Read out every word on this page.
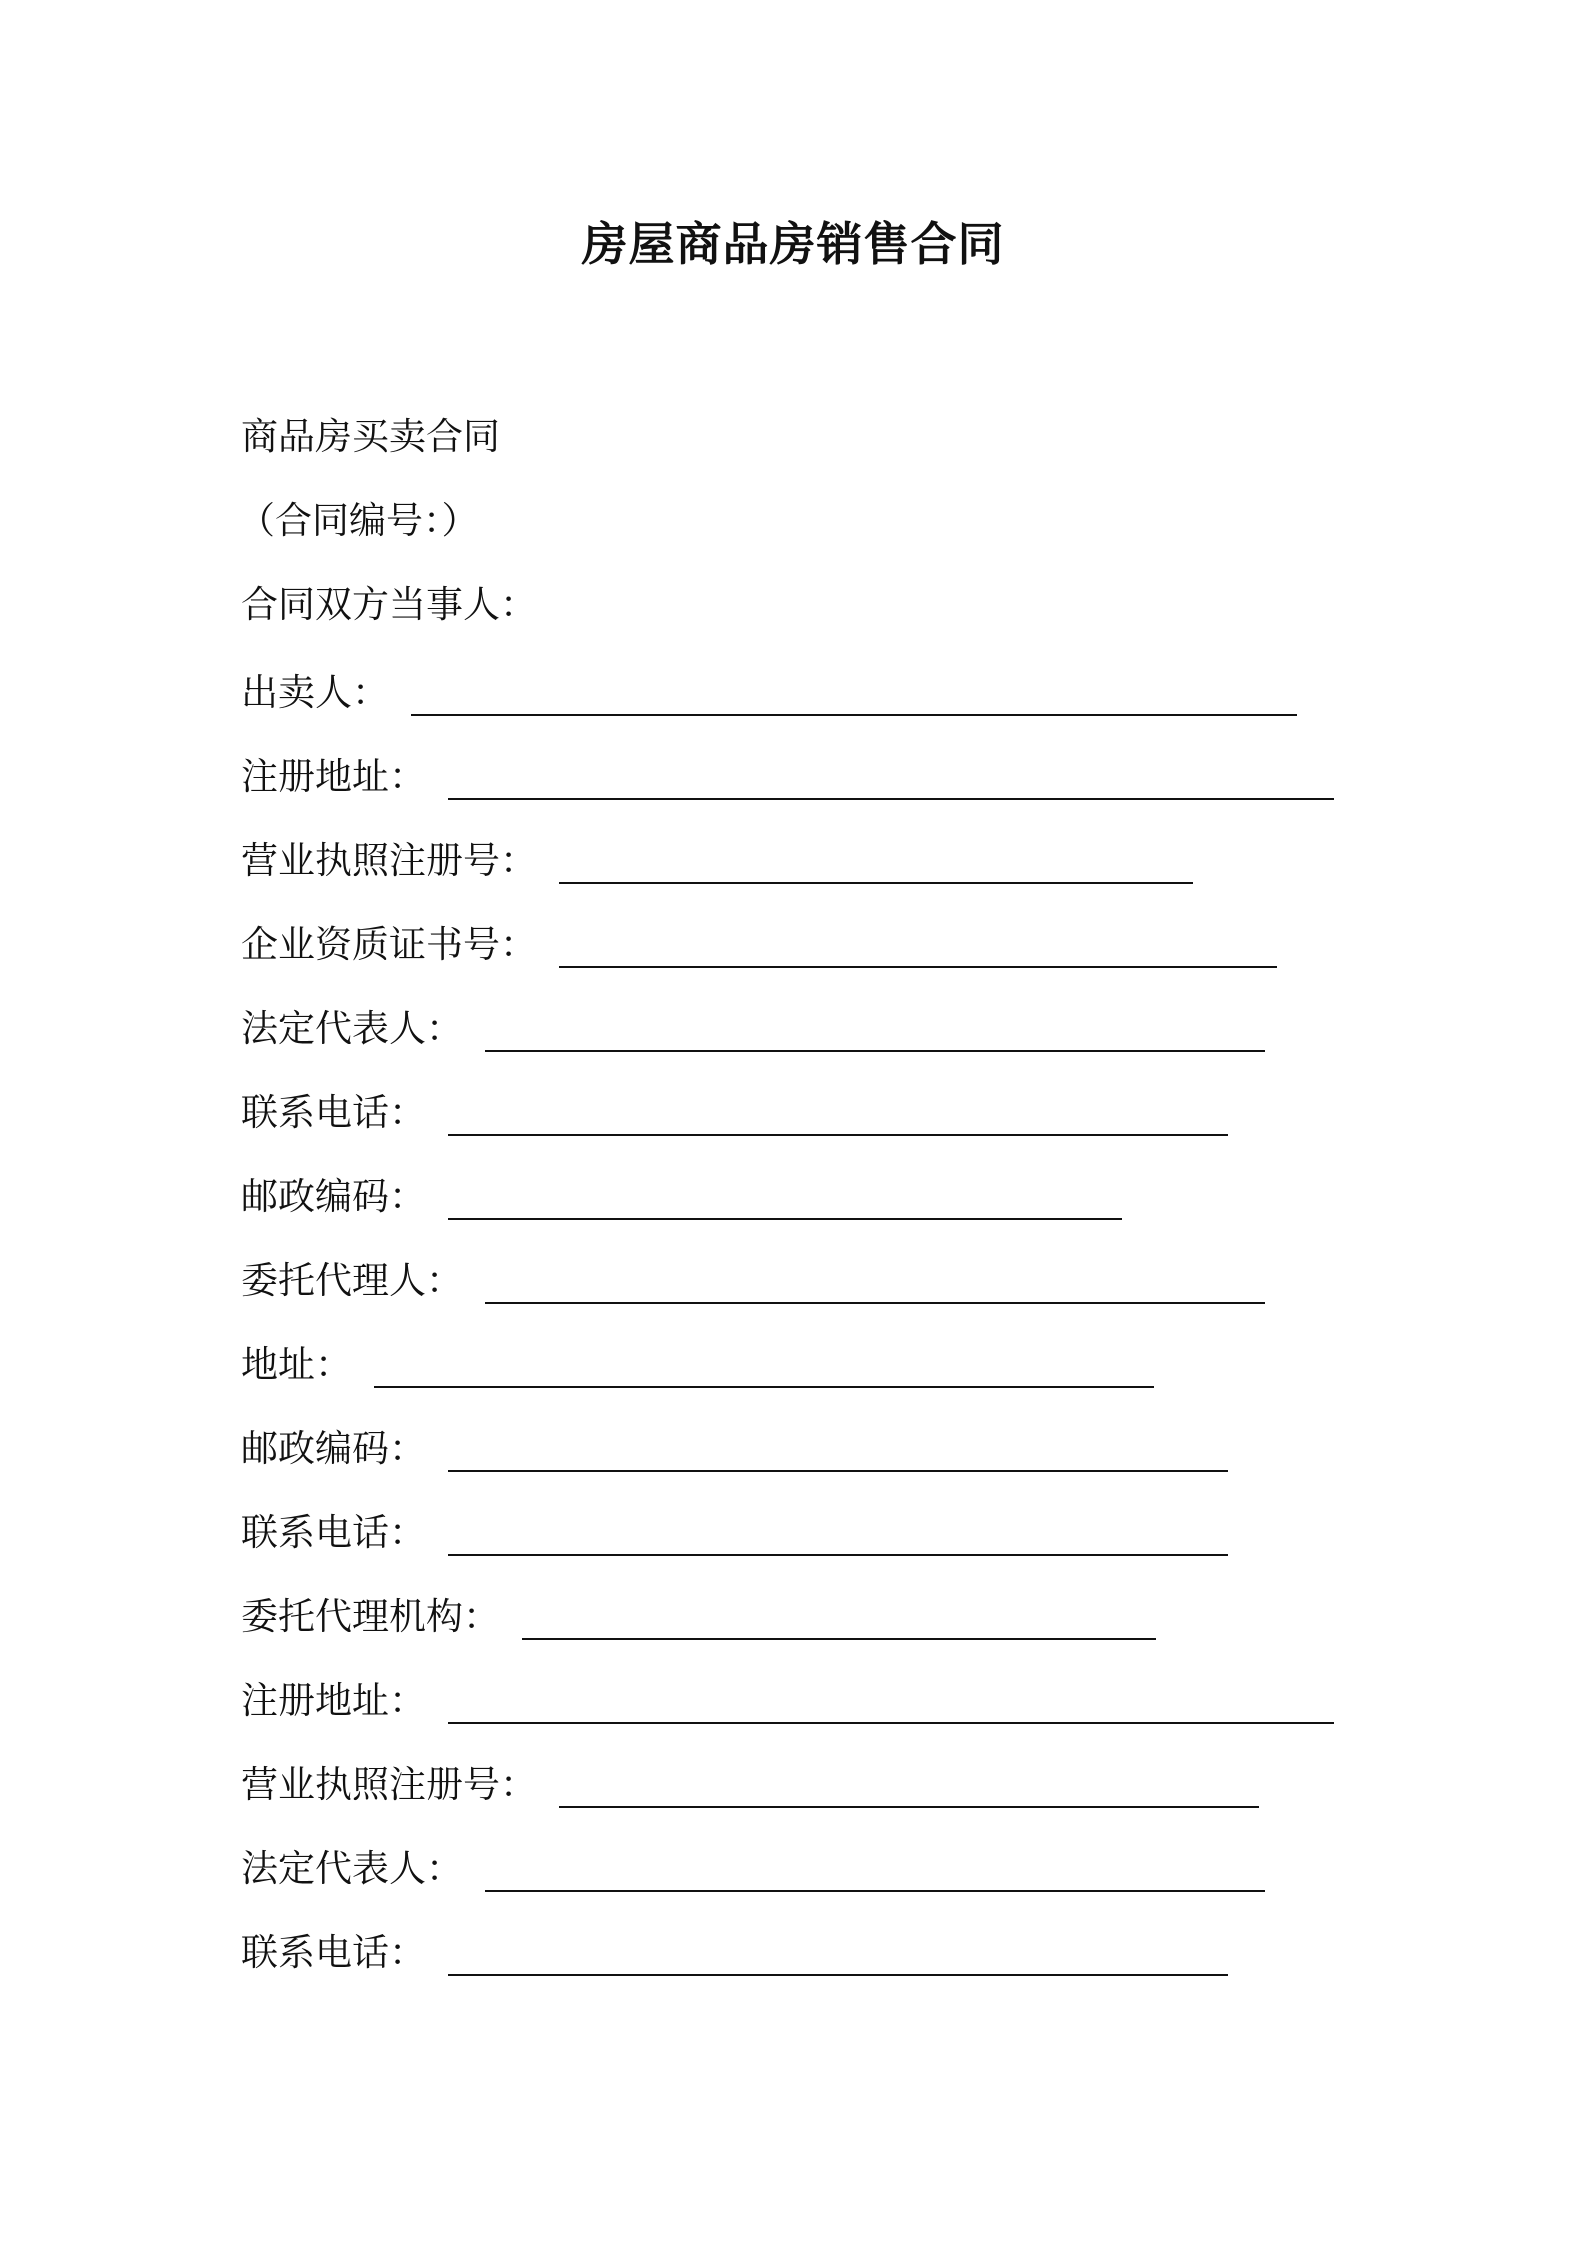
房屋商品房销售合同
商品房买卖合同
（合同编号：）
合同双方当事人：
出卖人：
注册地址：
营业执照注册号：
企业资质证书号：
法定代表人：
联系电话：
邮政编码：
委托代理人：
地址：
邮政编码：
联系电话：
委托代理机构：
注册地址：
营业执照注册号：
法定代表人：
联系电话：
